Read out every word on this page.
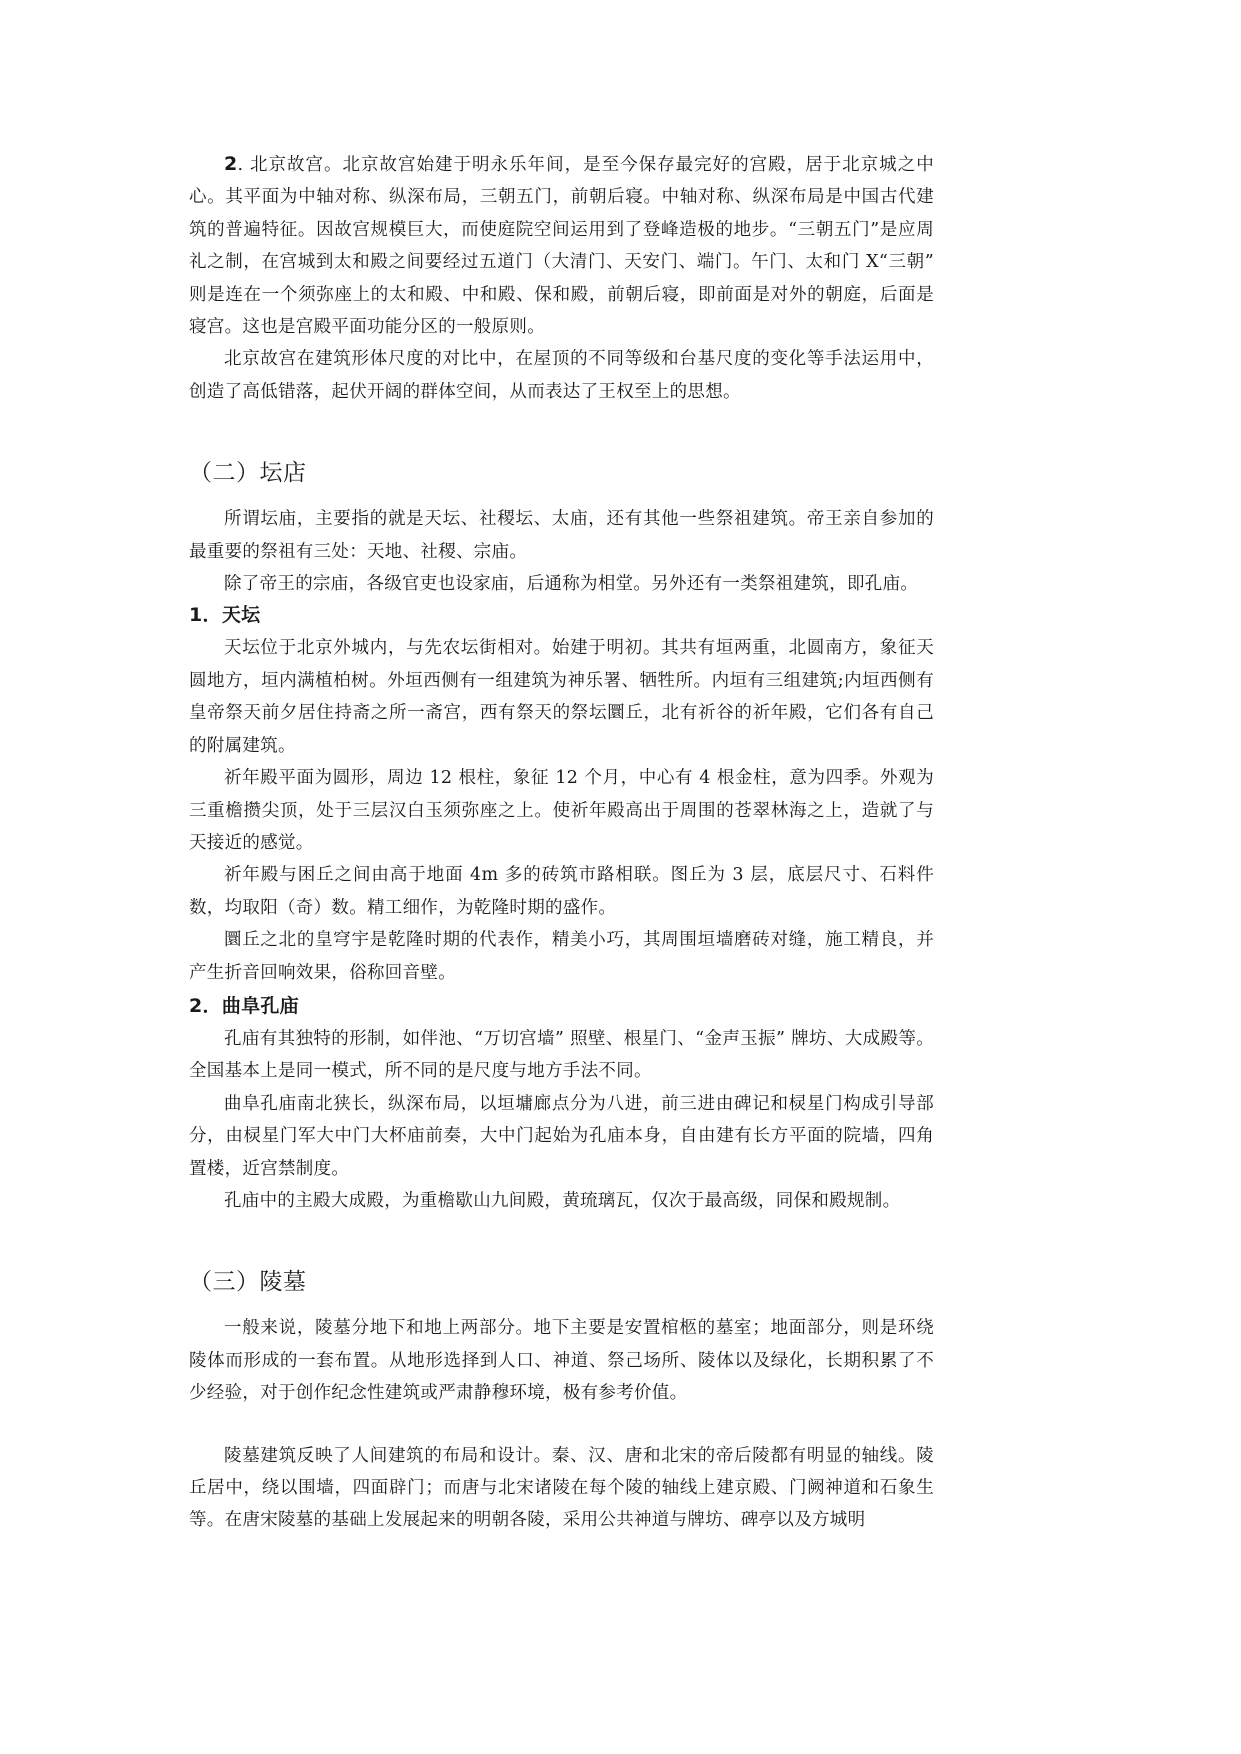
2. 北京故宫。北京故宫始建于明永乐年间，是至今保存最完好的宫殿，居于北京城之中心。其平面为中轴对称、纵深布局，三朝五门，前朝后寝。中轴对称、纵深布局是中国古代建筑的普遍特征。因故宫规模巨大，而使庭院空间运用到了登峰造极的地步。“三朝五门”是应周礼之制，在宫城到太和殿之间要经过五道门（大清门、天安门、端门。午门、太和门 X“三朝” 则是连在一个须弥座上的太和殿、中和殿、保和殿，前朝后寝，即前面是对外的朝庭，后面是寝宫。这也是宫殿平面功能分区的一般原则。

北京故宫在建筑形体尺度的对比中，在屋顶的不同等级和台基尺度的变化等手法运用中，创造了高低错落，起伏开阔的群体空间，从而表达了王权至上的思想。

（二）坛店

所谓坛庙，主要指的就是天坛、社稷坛、太庙，还有其他一些祭祖建筑。帝王亲自参加的最重要的祭祖有三处：天地、社稷、宗庙。

除了帝王的宗庙，各级官吏也设家庙，后通称为相堂。另外还有一类祭祖建筑，即孔庙。

1．天坛

天坛位于北京外城内，与先农坛街相对。始建于明初。其共有垣两重，北圆南方，象征天圆地方，垣内满植柏树。外垣西侧有一组建筑为神乐署、牺牲所。内垣有三组建筑;内垣西侧有皇帝祭天前夕居住持斋之所一斋宫，西有祭天的祭坛圜丘，北有祈谷的祈年殿，它们各有自己的附属建筑。

祈年殿平面为圆形，周边 12 根柱，象征 12 个月，中心有 4 根金柱，意为四季。外观为三重檐攒尖顶，处于三层汉白玉须弥座之上。使祈年殿高出于周围的苍翠林海之上，造就了与天接近的感觉。

祈年殿与困丘之间由高于地面 4m 多的砖筑市路相联。图丘为 3 层，底层尺寸、石料件数，均取阳（奇）数。精工细作，为乾隆时期的盛作。

圜丘之北的皇穹宇是乾隆时期的代表作，精美小巧，其周围垣墙磨砖对缝，施工精良，并产生折音回响效果，俗称回音壁。

2．曲阜孔庙

孔庙有其独特的形制，如伴池、“万切宫墙” 照壁、根星门、“金声玉振” 牌坊、大成殿等。全国基本上是同一模式，所不同的是尺度与地方手法不同。

曲阜孔庙南北狭长，纵深布局，以垣墉廊点分为八进，前三进由碑记和棂星门构成引导部分，由棂星门军大中门大杯庙前奏，大中门起始为孔庙本身，自由建有长方平面的院墙，四角置楼，近宫禁制度。

孔庙中的主殿大成殿，为重檐歇山九间殿，黄琉璃瓦，仅次于最高级，同保和殿规制。

（三）陵墓

一般来说，陵墓分地下和地上两部分。地下主要是安置棺柩的墓室；地面部分，则是环绕陵体而形成的一套布置。从地形选择到人口、神道、祭己场所、陵体以及绿化，长期积累了不少经验，对于创作纪念性建筑或严肃静穆环境，极有参考价值。

陵墓建筑反映了人间建筑的布局和设计。秦、汉、唐和北宋的帝后陵都有明显的轴线。陵丘居中，绕以围墙，四面辟门；而唐与北宋诸陵在每个陵的轴线上建京殿、门阙神道和石象生等。在唐宋陵墓的基础上发展起来的明朝各陵，采用公共神道与牌坊、碑亭以及方城明
